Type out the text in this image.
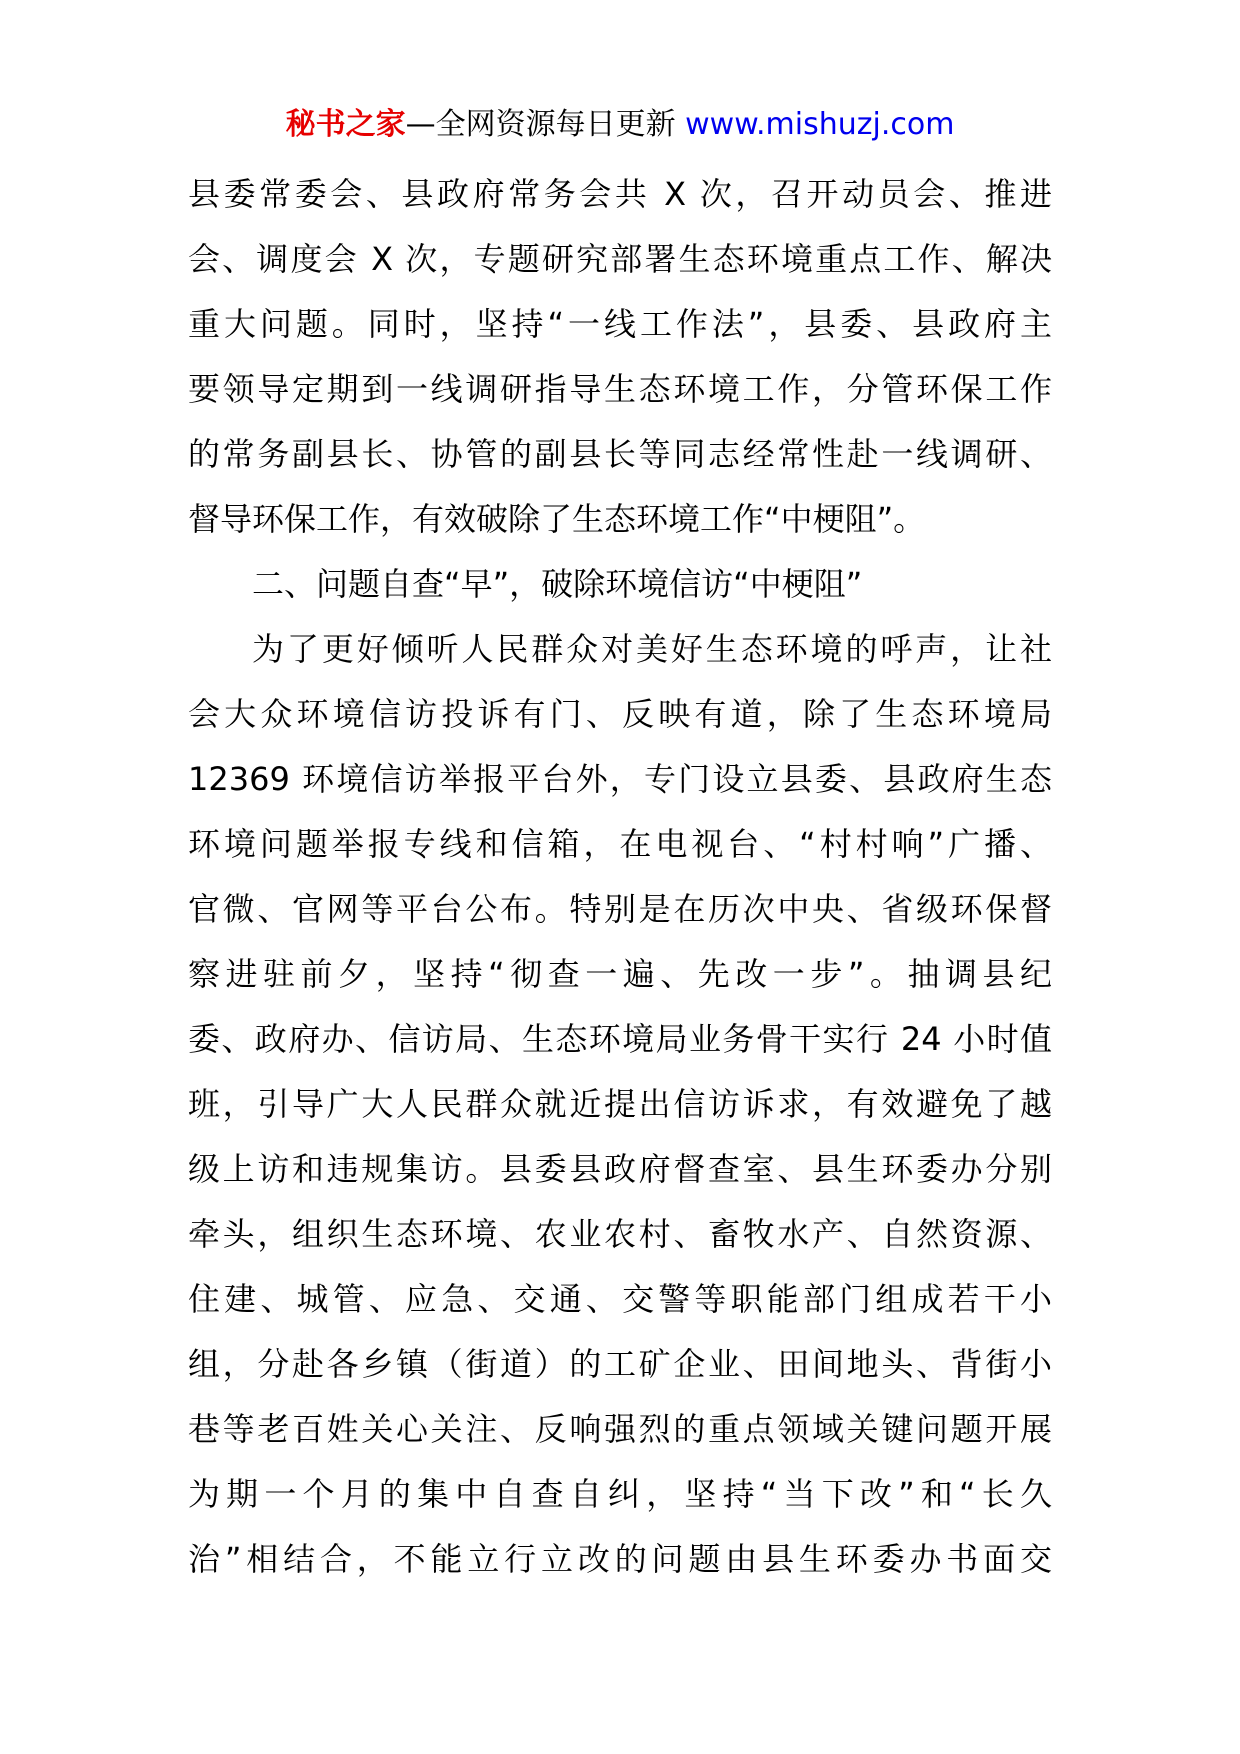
秘书之家—全网资源每日更新 www.mishuzj.com
县委常委会、县政府常务会共 X 次，召开动员会、推进
会、调度会 X 次，专题研究部署生态环境重点工作、解决
重大问题。同时，坚持“一线工作法”，县委、县政府主
要领导定期到一线调研指导生态环境工作，分管环保工作
的常务副县长、协管的副县长等同志经常性赴一线调研、
督导环保工作，有效破除了生态环境工作“中梗阻”。
二、问题自查“早”，破除环境信访“中梗阻”
为了更好倾听人民群众对美好生态环境的呼声，让社
会大众环境信访投诉有门、反映有道，除了生态环境局
12369 环境信访举报平台外，专门设立县委、县政府生态
环境问题举报专线和信箱，在电视台、“村村响”广播、
官微、官网等平台公布。特别是在历次中央、省级环保督
察进驻前夕，坚持“彻查一遍、先改一步”。抽调县纪
委、政府办、信访局、生态环境局业务骨干实行 24 小时值
班，引导广大人民群众就近提出信访诉求，有效避免了越
级上访和违规集访。县委县政府督查室、县生环委办分别
牵头，组织生态环境、农业农村、畜牧水产、自然资源、
住建、城管、应急、交通、交警等职能部门组成若干小
组，分赴各乡镇（街道）的工矿企业、田间地头、背街小
巷等老百姓关心关注、反响强烈的重点领域关键问题开展
为期一个月的集中自查自纠，坚持“当下改”和“长久
治”相结合，不能立行立改的问题由县生环委办书面交
